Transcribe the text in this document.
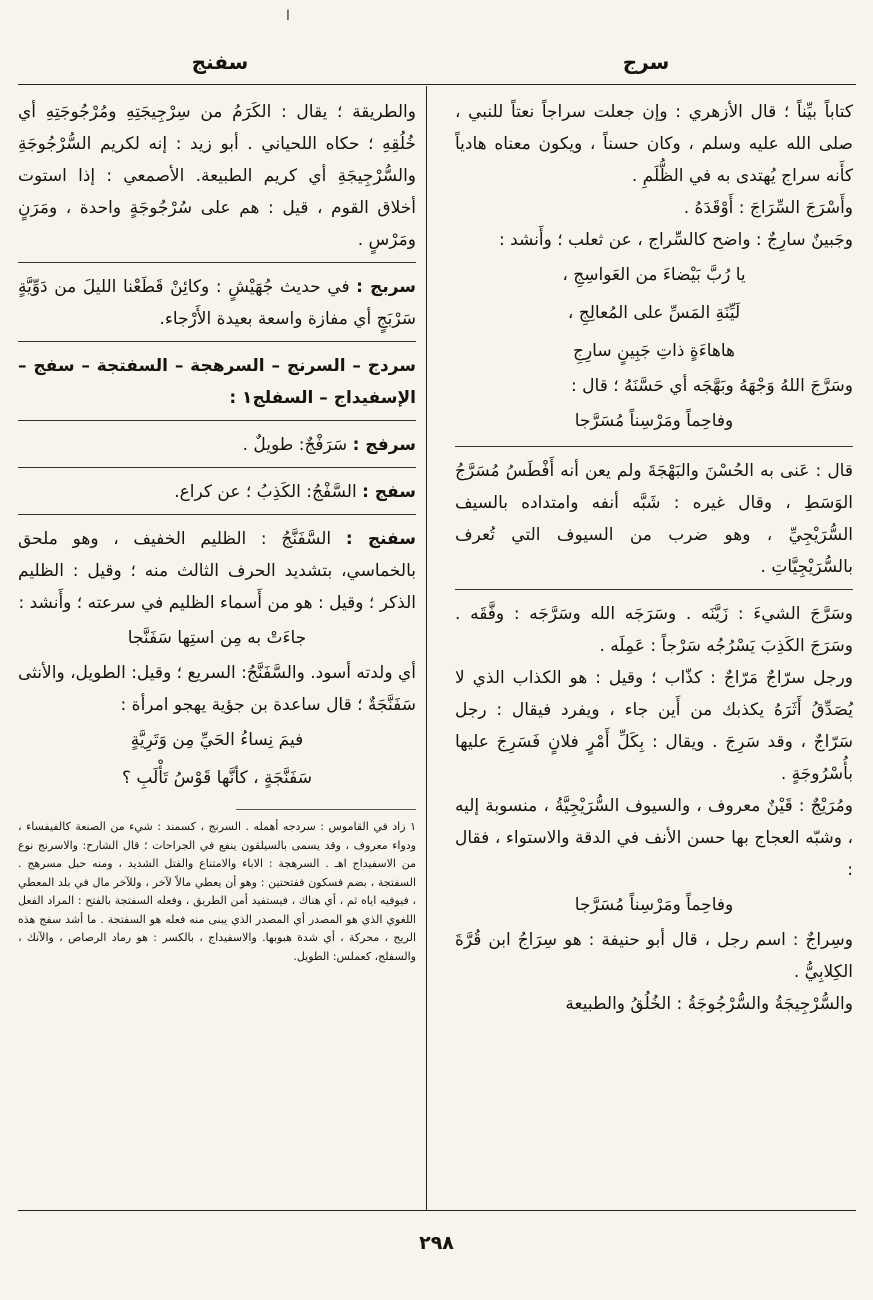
ا
سرج
سفنج

كتاباً بيِّناً ؛ قال الأزهري : وإن جعلت سراجاً نعتاً للنبي ، صلى الله عليه وسلم ، وكان حسناً ، ويكون معناه هادياً كأَنه سراج يُهتدى به في الظُّلَمِ .

وأَسْرَجَ السِّرَاجَ : أَوْقَدَهُ .

وجَبينٌ سارِجٌ : واضح كالسِّراج ، عن ثعلب ؛ وأَنشد :

يا رُبَّ بَيْضاءَ من العَواسِجِ ،
لَيِّنَةِ المَسِّ على المُعالِجِ ،
هاهاءَةٍ ذاتِ جَبِينٍ سارِجِ

وسَرَّجَ اللهُ وَجْهَهُ وبَهَّجَه أي حَسَّنَهُ ؛ قال :

وفاحِماً ومَرْسِناً مُسَرَّجا

قال : عَنى به الحُسْنَ والبَهْجَةَ ولم يعن أنه أَفْطَسُ مُسَرَّجُ الوَسَطِ ، وقال غيره : شَبَّه أنفه وامتداده بالسيف السُّرَيْجِيِّ ، وهو ضرب من السيوف التي تُعرف بالسُّرَيْجِيَّاتِ .

وسَرَّجَ الشيءَ : زَيَّنَه . وسَرَجَه الله وسَرَّجَه : وفَّقَه . وسَرَجَ الكَذِبَ يَسْرُجُه سَرْجاً : عَمِلَه .

ورجل سرّاجٌ مَرّاجٌ : كذّاب ؛ وقيل : هو الكذاب الذي لا يُصَدِّقُ أَثَرَهُ يكذبك من أَين جاء ، ويفرد فيقال : رجل سَرّاجٌ ، وقد سَرِجَ . ويقال : بِكَلِّ أَمْرٍ فلانٍ فَسَرِجَ عليها بأُسْرُوجَةٍ .

ومُرَيْجٌ : قَيْنٌ معروف ، والسيوف السُّرَيْجِيَّةُ ، منسوبة إليه ، وشبّه العجاج بها حسن الأنف في الدقة والاستواء ، فقال :

وفاحِماً ومَرْسِناً مُسَرَّجا

وسِراجٌ : اسم رجل ، قال أبو حنيفة : هو سِرَاجُ ابن قُرَّةَ الكِلابِيُّ .

والسُّرْجِيجَةُ والسُّرْجُوجَةُ : الخُلُقُ والطبيعة

والطريقة ؛ يقال : الكَرَمُ من سِرْجِيجَتِهِ ومُرْجُوجَتِهِ أي خُلُقِهِ ؛ حكاه اللحياني . أبو زيد : إنه لكريم السُّرْجُوجَةِ والسُّرْجِيجَةِ أي كريم الطبيعة. الأصمعي : إذا استوت أخلاق القوم ، قيل : هم على سُرْجُوجَةٍ واحدة ، ومَرَنٍ ومَرْسٍ .

سربج : في حديث جُهَيْشٍ : وكائِنْ قَطَعْنا الليلَ من دَوِّيَّةٍ سَرْبَجٍ أي مفازة واسعة بعيدة الأَرْجاء.

سردج – السرنج – السرهجة – السفتجة – سفج – الإسفيداج – السفلج١ :

سرفج : سَرَفْجٌ: طويلٌ .

سفج : السَّفْجُ: الكَذِبُ ؛ عن كراع.

سفنج : السَّفَنَّجُ : الظليم الخفيف ، وهو ملحق بالخماسي، بتشديد الحرف الثالث منه ؛ وقيل : الظليم الذكر ؛ وقيل : هو من أَسماء الظليم في سرعته ؛ وأَنشد :

جاءَتْ به مِن استِها سَفَنَّجا

أي ولدته أسود. والسَّفَنَّجُ: السريع ؛ وقيل: الطويل، والأنثى سَفَنَّجَةٌ ؛ قال ساعدة بن جؤية يهجو امرأة :

فيمَ نِساءُ الحَيِّ مِن وَتَرِيَّةٍ
سَفَنَّجَةٍ ، كأنَّها قَوْسُ تَأْلَبِ ؟
١ زاد في القاموس : سردجه أهمله . السرنج ، كسمند : شيء من الصنعة كالفيفساء ، ودواء معروف ، وقد يسمى بالسيلقون ينفع في الجراحات ؛ قال الشارح: والاسرنج نوع من الاسفيداج اهـ . السرهجة : الاباء والامتناع والفتل الشديد ، ومنه حبل مسرهج . السفتجة ، بضم فسكون ففتحتين : وهو أن يعطي مالاً لآخر ، وللآخر مال في بلد المعطي ، فيوفيه اياه ثم ، أي هناك ، فيستفيد أمن الطريق ، وفعله السفتجة بالفتح : المراد الفعل اللغوي الذي هو المصدر أي المصدر الذي يبنى منه فعله هو السفتجة . ما أشد سفج هذه الريح ، محركة ، أي شدة هبوبها. والاسفيداج ، بالكسر : هو رماد الرصاص ، والآنك ، والسفلج، كعملس: الطويل.
٢٩٨
